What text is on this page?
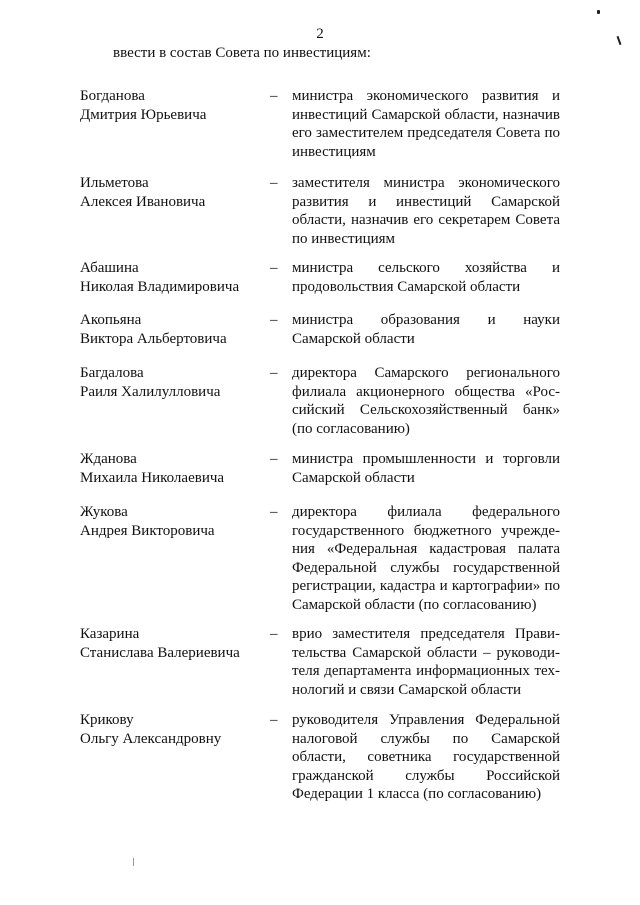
2
ввести в состав Совета по инвестициям:
Богданова
Дмитрия Юрьевича
– министра экономического развития и
инвестиций Самарской области, назначив
его заместителем председателя Совета по
инвестициям
Ильметова
Алексея Ивановича
– заместителя министра экономического
развития и инвестиций Самарской
области, назначив его секретарем Совета
по инвестициям
Абашина
Николая Владимировича
– министра сельского хозяйства и
продовольствия Самарской области
Акопьяна
Виктора Альбертовича
– министра образования и науки
Самарской области
Багдалова
Раиля Халилулловича
– директора Самарского регионального
филиала акционерного общества «Рос-
сийский Сельскохозяйственный банк»
(по согласованию)
Жданова
Михаила Николаевича
– министра промышленности и торговли
Самарской области
Жукова
Андрея Викторовича
– директора филиала федерального
государственного бюджетного учрежде-
ния «Федеральная кадастровая палата
Федеральной службы государственной
регистрации, кадастра и картографии» по
Самарской области (по согласованию)
Казарина
Станислава Валериевича
– врио заместителя председателя Прави-
тельства Самарской области – руководи-
теля департамента информационных тех-
нологий и связи Самарской области
Крикову
Ольгу Александровну
– руководителя Управления Федеральной
налоговой службы по Самарской
области, советника государственной
гражданской службы Российской
Федерации 1 класса (по согласованию)
